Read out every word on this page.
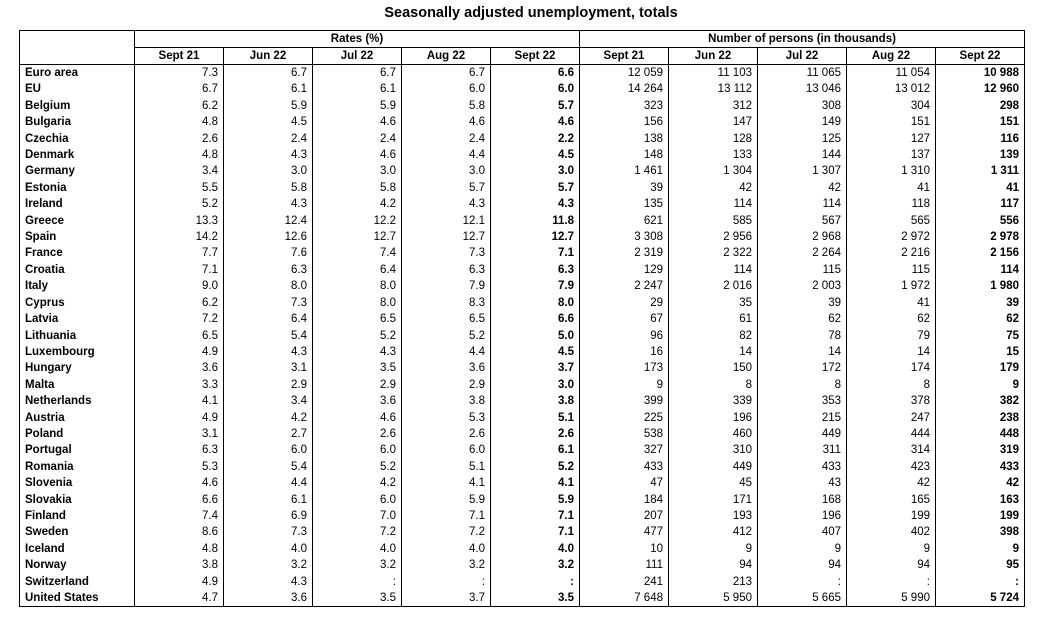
Seasonally adjusted unemployment, totals
	Rates (%)					Number of persons (in thousands)				
	Sept 21	Jun 22	Jul 22	Aug 22	Sept 22	Sept 21	Jun 22	Jul 22	Aug 22	Sept 22
Euro area	7.3	6.7	6.7	6.7	6.6	12 059	11 103	11 065	11 054	10 988
EU	6.7	6.1	6.1	6.0	6.0	14 264	13 112	13 046	13 012	12 960
Belgium	6.2	5.9	5.9	5.8	5.7	323	312	308	304	298
Bulgaria	4.8	4.5	4.6	4.6	4.6	156	147	149	151	151
Czechia	2.6	2.4	2.4	2.4	2.2	138	128	125	127	116
Denmark	4.8	4.3	4.6	4.4	4.5	148	133	144	137	139
Germany	3.4	3.0	3.0	3.0	3.0	1 461	1 304	1 307	1 310	1 311
Estonia	5.5	5.8	5.8	5.7	5.7	39	42	42	41	41
Ireland	5.2	4.3	4.2	4.3	4.3	135	114	114	118	117
Greece	13.3	12.4	12.2	12.1	11.8	621	585	567	565	556
Spain	14.2	12.6	12.7	12.7	12.7	3 308	2 956	2 968	2 972	2 978
France	7.7	7.6	7.4	7.3	7.1	2 319	2 322	2 264	2 216	2 156
Croatia	7.1	6.3	6.4	6.3	6.3	129	114	115	115	114
Italy	9.0	8.0	8.0	7.9	7.9	2 247	2 016	2 003	1 972	1 980
Cyprus	6.2	7.3	8.0	8.3	8.0	29	35	39	41	39
Latvia	7.2	6.4	6.5	6.5	6.6	67	61	62	62	62
Lithuania	6.5	5.4	5.2	5.2	5.0	96	82	78	79	75
Luxembourg	4.9	4.3	4.3	4.4	4.5	16	14	14	14	15
Hungary	3.6	3.1	3.5	3.6	3.7	173	150	172	174	179
Malta	3.3	2.9	2.9	2.9	3.0	9	8	8	8	9
Netherlands	4.1	3.4	3.6	3.8	3.8	399	339	353	378	382
Austria	4.9	4.2	4.6	5.3	5.1	225	196	215	247	238
Poland	3.1	2.7	2.6	2.6	2.6	538	460	449	444	448
Portugal	6.3	6.0	6.0	6.0	6.1	327	310	311	314	319
Romania	5.3	5.4	5.2	5.1	5.2	433	449	433	423	433
Slovenia	4.6	4.4	4.2	4.1	4.1	47	45	43	42	42
Slovakia	6.6	6.1	6.0	5.9	5.9	184	171	168	165	163
Finland	7.4	6.9	7.0	7.1	7.1	207	193	196	199	199
Sweden	8.6	7.3	7.2	7.2	7.1	477	412	407	402	398
Iceland	4.8	4.0	4.0	4.0	4.0	10	9	9	9	9
Norway	3.8	3.2	3.2	3.2	3.2	111	94	94	94	95
Switzerland	4.9	4.3	:	:	:	241	213	:	:	:
United States	4.7	3.6	3.5	3.7	3.5	7 648	5 950	5 665	5 990	5 724
